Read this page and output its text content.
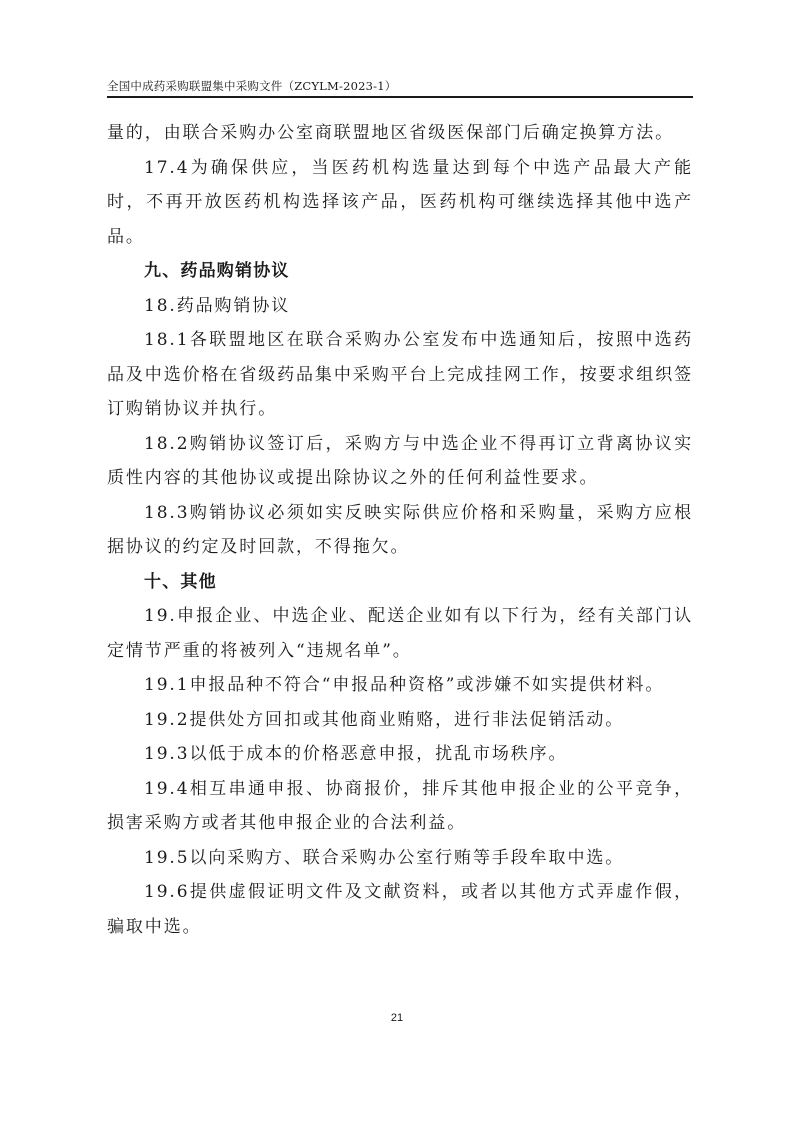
全国中成药采购联盟集中采购文件（ZCYLM-2023-1）

量的，由联合采购办公室商联盟地区省级医保部门后确定换算方法。

17.4为确保供应，当医药机构选量达到每个中选产品最大产能时，不再开放医药机构选择该产品，医药机构可继续选择其他中选产品。

九、药品购销协议

18.药品购销协议

18.1各联盟地区在联合采购办公室发布中选通知后，按照中选药品及中选价格在省级药品集中采购平台上完成挂网工作，按要求组织签订购销协议并执行。

18.2购销协议签订后，采购方与中选企业不得再订立背离协议实质性内容的其他协议或提出除协议之外的任何利益性要求。

18.3购销协议必须如实反映实际供应价格和采购量，采购方应根据协议的约定及时回款，不得拖欠。

十、其他

19.申报企业、中选企业、配送企业如有以下行为，经有关部门认定情节严重的将被列入“违规名单”。

19.1申报品种不符合“申报品种资格”或涉嫌不如实提供材料。

19.2提供处方回扣或其他商业贿赂，进行非法促销活动。

19.3以低于成本的价格恶意申报，扰乱市场秩序。

19.4相互串通申报、协商报价，排斥其他申报企业的公平竞争，损害采购方或者其他申报企业的合法利益。

19.5以向采购方、联合采购办公室行贿等手段牟取中选。

19.6提供虚假证明文件及文献资料，或者以其他方式弄虚作假，骗取中选。

21
